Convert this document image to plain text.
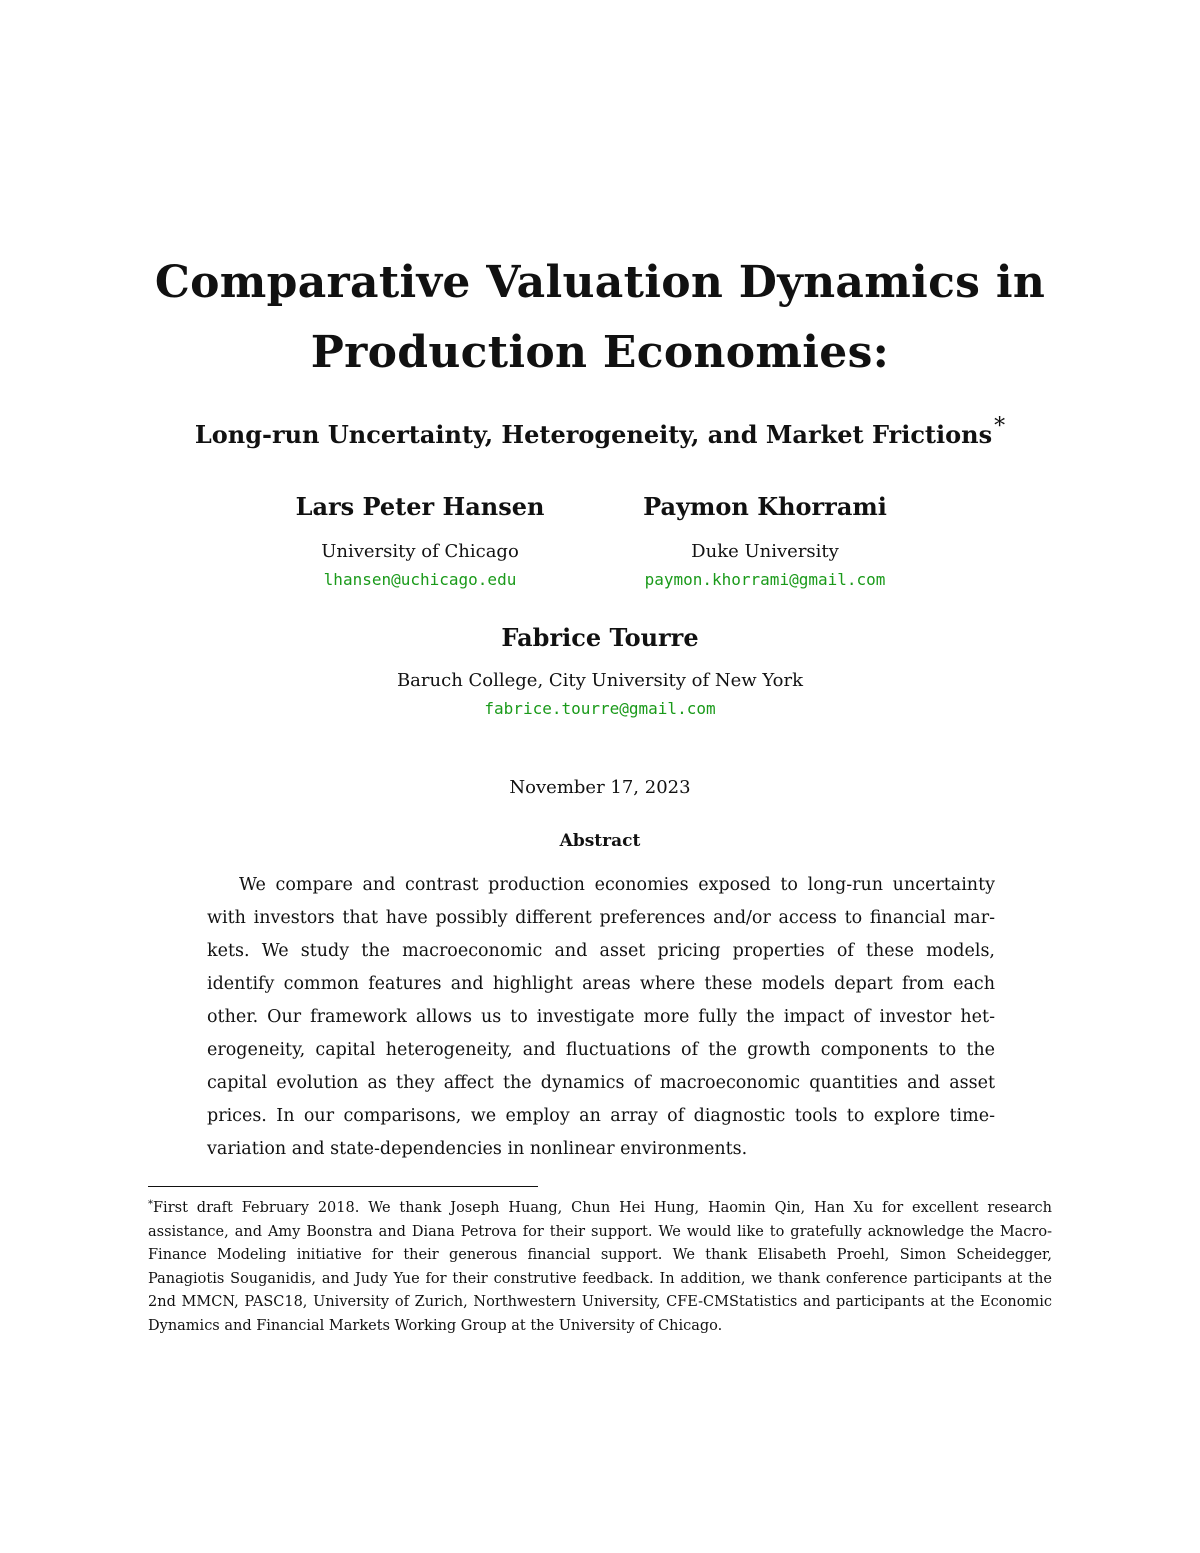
Comparative Valuation Dynamics in
Production Economies:
Long-run Uncertainty, Heterogeneity, and Market Frictions*
Lars Peter Hansen
University of Chicago
lhansen@uchicago.edu
Paymon Khorrami
Duke University
paymon.khorrami@gmail.com
Fabrice Tourre
Baruch College, City University of New York
fabrice.tourre@gmail.com
November 17, 2023
Abstract

We compare and contrast production economies exposed to long-run uncertainty with investors that have possibly different preferences and/or access to financial markets. We study the macroeconomic and asset pricing properties of these models, identify common features and highlight areas where these models depart from each other. Our framework allows us to investigate more fully the impact of investor heterogeneity, capital heterogeneity, and fluctuations of the growth components to the capital evolution as they affect the dynamics of macroeconomic quantities and asset prices. In our comparisons, we employ an array of diagnostic tools to explore time-variation and state-dependencies in nonlinear environments.

*First draft February 2018. We thank Joseph Huang, Chun Hei Hung, Haomin Qin, Han Xu for excellent research assistance, and Amy Boonstra and Diana Petrova for their support. We would like to gratefully acknowledge the Macro-Finance Modeling initiative for their generous financial support. We thank Elisabeth Proehl, Simon Scheidegger, Panagiotis Souganidis, and Judy Yue for their construtive feedback. In addition, we thank conference participants at the 2nd MMCN, PASC18, University of Zurich, Northwestern University, CFE-CMStatistics and participants at the Economic Dynamics and Financial Markets Working Group at the University of Chicago.
